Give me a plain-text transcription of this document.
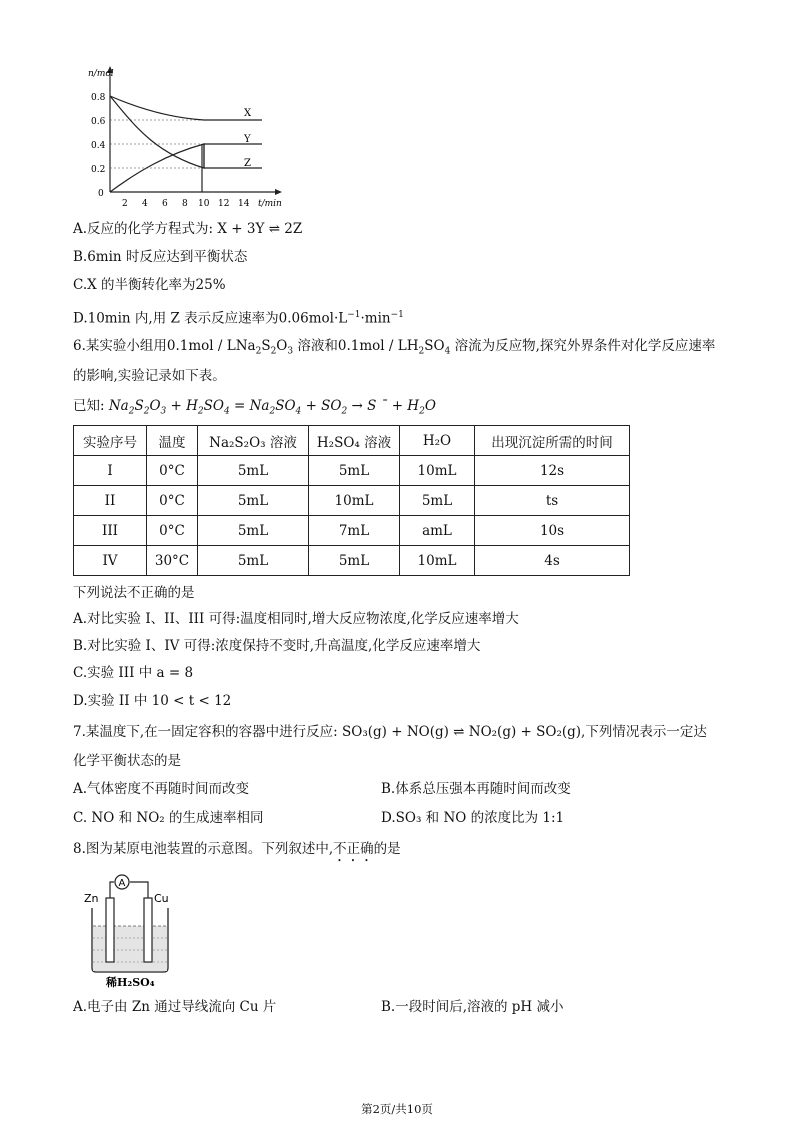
n/mol
t/min
0.8
0.6
0.4
0.2
0
2 4 6 8 10 12 14
X
Y
Z
A.反应的化学方程式为: X + 3Y ⇌ 2Z
B.6min 时反应达到平衡状态
C.X 的半衡转化率为25%
D.10min 内,用 Z 表示反应速率为$0.06mol\cdot L^{-1}\cdot\min^{-1}$
6.某实验小组用$0.1mol / LNa_2S_2O_3$ 溶液和$0.1mol / LH_2SO_4$ 溶流为反应物,探究外界条件对化学反应速率
的影响,实验记录如下表。
已知: $Na_2S_2O_3 + H_2SO_4 = Na_2SO_4 + SO_2 \to S$ ¯ + $H_2O$
实验序号	温度	Na₂S₂O₃ 溶液	H₂SO₄ 溶液	H₂O	出现沉淀所需的时间
I	0°C	5mL	5mL	10mL	12s
II	0°C	5mL	10mL	5mL	ts
III	0°C	5mL	7mL	amL	10s
IV	30°C	5mL	5mL	10mL	4s
下列说法不正确的是
A.对比实验 I、II、III 可得:温度相同时,增大反应物浓度,化学反应速率增大
B.对比实验 I、IV 可得:浓度保持不变时,升高温度,化学反应速率增大
C.实验 III 中 a = 8
D.实验 II 中 10 < t < 12
7.某温度下,在一固定容积的容器中进行反应: SO₃(g) + NO(g) ⇌ NO₂(g) + SO₂(g),下列情况表示一定达
化学平衡状态的是
A.气体密度不再随时间而改变	B.体系总压强本再随时间而改变
C. NO 和 NO₂ 的生成速率相同	D.SO₃ 和 NO 的浓度比为 1:1
8.图为某原电池装置的示意图。下列叙述中,不正确的是
A
Zn	Cu
稀H₂SO₄
A.电子由 Zn 通过导线流向 Cu 片	B.一段时间后,溶液的 pH 减小
第2页/共10页
